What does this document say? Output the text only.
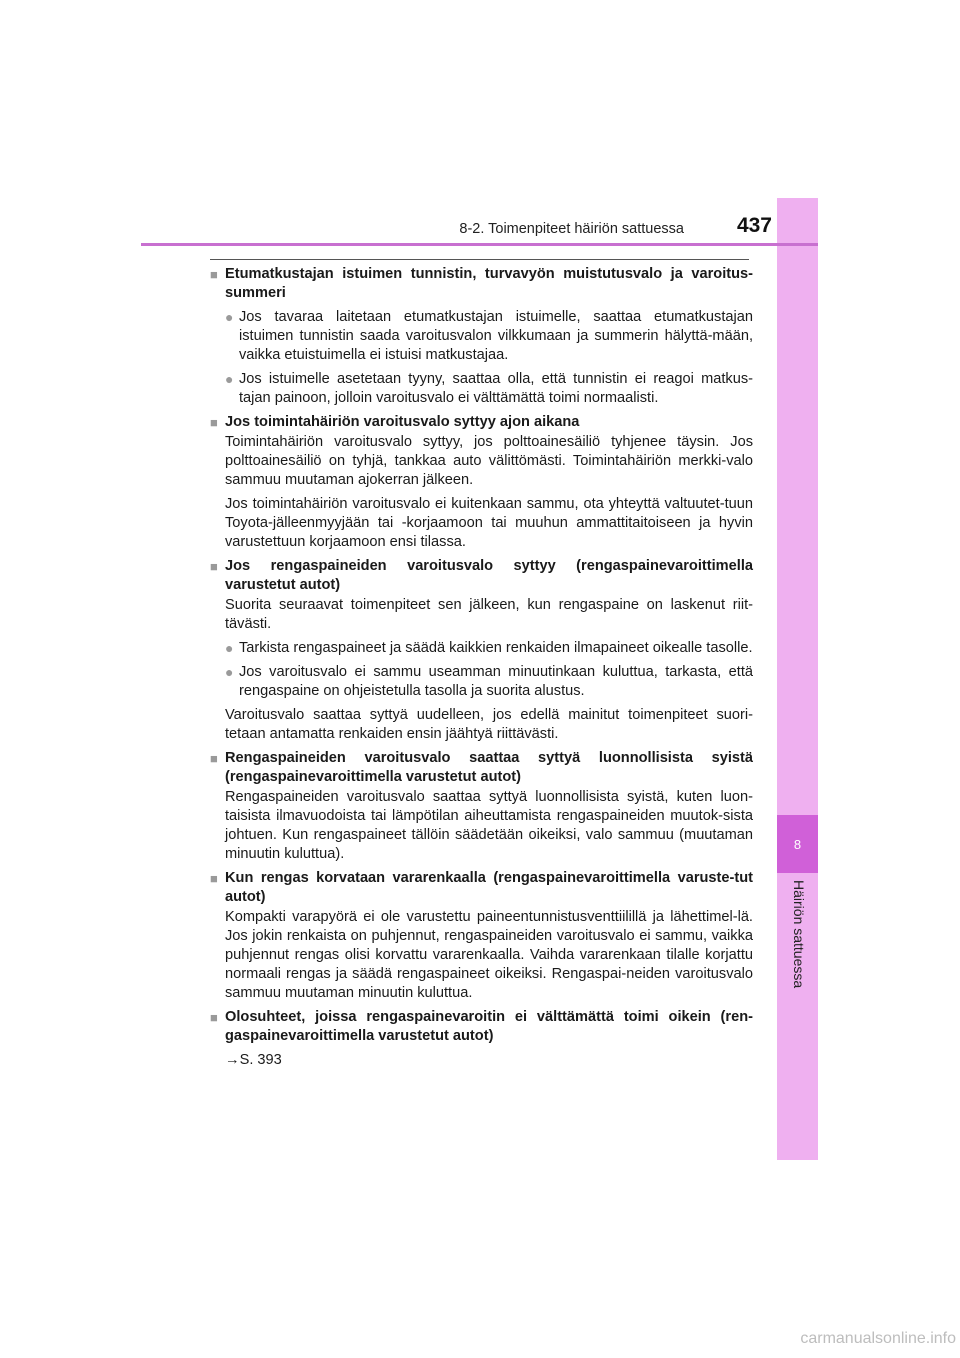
8
Häiriön sattuessa
8-2. Toimenpiteet häiriön sattuessa	437
■ Etumatkustajan istuimen tunnistin, turvavyön muistutusvalo ja varoitus-summeri
● Jos tavaraa laitetaan etumatkustajan istuimelle, saattaa etumatkustajan istuimen tunnistin saada varoitusvalon vilkkumaan ja summerin hälyttä-mään, vaikka etuistuimella ei istuisi matkustajaa.
● Jos istuimelle asetetaan tyyny, saattaa olla, että tunnistin ei reagoi matkus-tajan painoon, jolloin varoitusvalo ei välttämättä toimi normaalisti.
■ Jos toimintahäiriön varoitusvalo syttyy ajon aikana
Toimintahäiriön varoitusvalo syttyy, jos polttoainesäiliö tyhjenee täysin. Jos polttoainesäiliö on tyhjä, tankkaa auto välittömästi. Toimintahäiriön merkki-valo sammuu muutaman ajokerran jälkeen.
Jos toimintahäiriön varoitusvalo ei kuitenkaan sammu, ota yhteyttä valtuutet-tuun Toyota-jälleenmyyjään tai -korjaamoon tai muuhun ammattitaitoiseen ja hyvin varustettuun korjaamoon ensi tilassa.
■ Jos rengaspaineiden varoitusvalo syttyy (rengaspainevaroittimella varustetut autot)
Suorita seuraavat toimenpiteet sen jälkeen, kun rengaspaine on laskenut riit-tävästi.
● Tarkista rengaspaineet ja säädä kaikkien renkaiden ilmapaineet oikealle tasolle.
● Jos varoitusvalo ei sammu useamman minuutinkaan kuluttua, tarkasta, että rengaspaine on ohjeistetulla tasolla ja suorita alustus.
Varoitusvalo saattaa syttyä uudelleen, jos edellä mainitut toimenpiteet suori-tetaan antamatta renkaiden ensin jäähtyä riittävästi.
■ Rengaspaineiden varoitusvalo saattaa syttyä luonnollisista syistä (rengaspainevaroittimella varustetut autot)
Rengaspaineiden varoitusvalo saattaa syttyä luonnollisista syistä, kuten luon-taisista ilmavuodoista tai lämpötilan aiheuttamista rengaspaineiden muutok-sista johtuen. Kun rengaspaineet tällöin säädetään oikeiksi, valo sammuu (muutaman minuutin kuluttua).
■ Kun rengas korvataan vararenkaalla (rengaspainevaroittimella varuste-tut autot)
Kompakti varapyörä ei ole varustettu paineentunnistusventtiilillä ja lähettimel-lä. Jos jokin renkaista on puhjennut, rengaspaineiden varoitusvalo ei sammu, vaikka puhjennut rengas olisi korvattu vararenkaalla. Vaihda vararenkaan tilalle korjattu normaali rengas ja säädä rengaspaineet oikeiksi. Rengaspai-neiden varoitusvalo sammuu muutaman minuutin kuluttua.
■ Olosuhteet, joissa rengaspainevaroitin ei välttämättä toimi oikein (ren-gaspainevaroittimella varustetut autot)
→S. 393
carmanualsonline.info
